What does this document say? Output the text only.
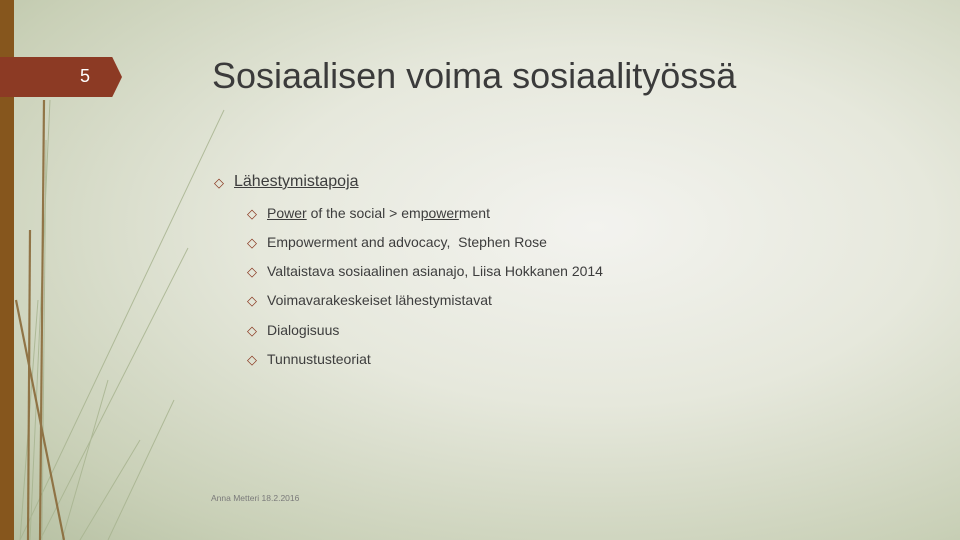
5	Sosiaalisen voima sosiaalityössä
◇ Lähestymistapoja
◇ Power of the social > empowerment
◇ Empowerment and advocacy,  Stephen Rose
◇ Valtaistava sosiaalinen asianajo, Liisa Hokkanen 2014
◇ Voimavarakeskeiset lähestymistavat
◇ Dialogisuus
◇ Tunnustusteoriat
Anna Metteri 18.2.2016
